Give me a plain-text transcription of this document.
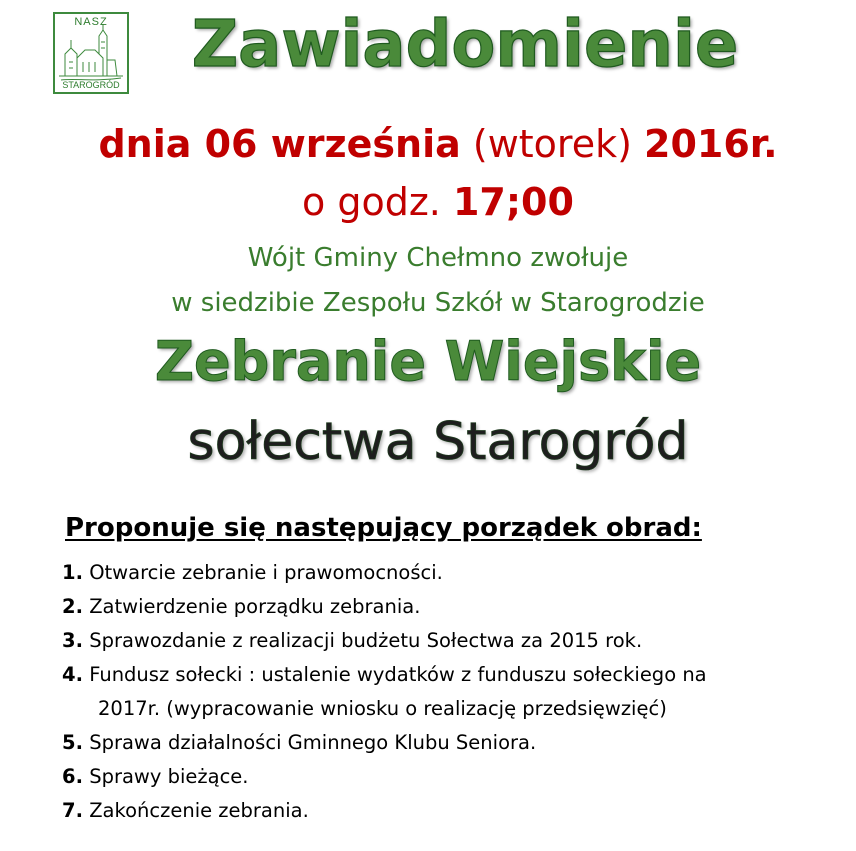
NASZ
STAROGRÓD
Zawiadomienie
dnia 06 września (wtorek) 2016r.
o godz. 17;00
Wójt Gminy Chełmno zwołuje
w siedzibie Zespołu Szkół w Starogrodzie
Zebranie Wiejskie
sołectwa Starogród
Proponuje się następujący porządek obrad:
1. Otwarcie zebranie i prawomocności.
2. Zatwierdzenie porządku zebrania.
3. Sprawozdanie z realizacji budżetu Sołectwa za 2015 rok.
4. Fundusz sołecki : ustalenie wydatków z funduszu sołeckiego na
2017r. (wypracowanie wniosku o realizację przedsięwzięć)
5. Sprawa działalności Gminnego Klubu Seniora.
6. Sprawy bieżące.
7. Zakończenie zebrania.
